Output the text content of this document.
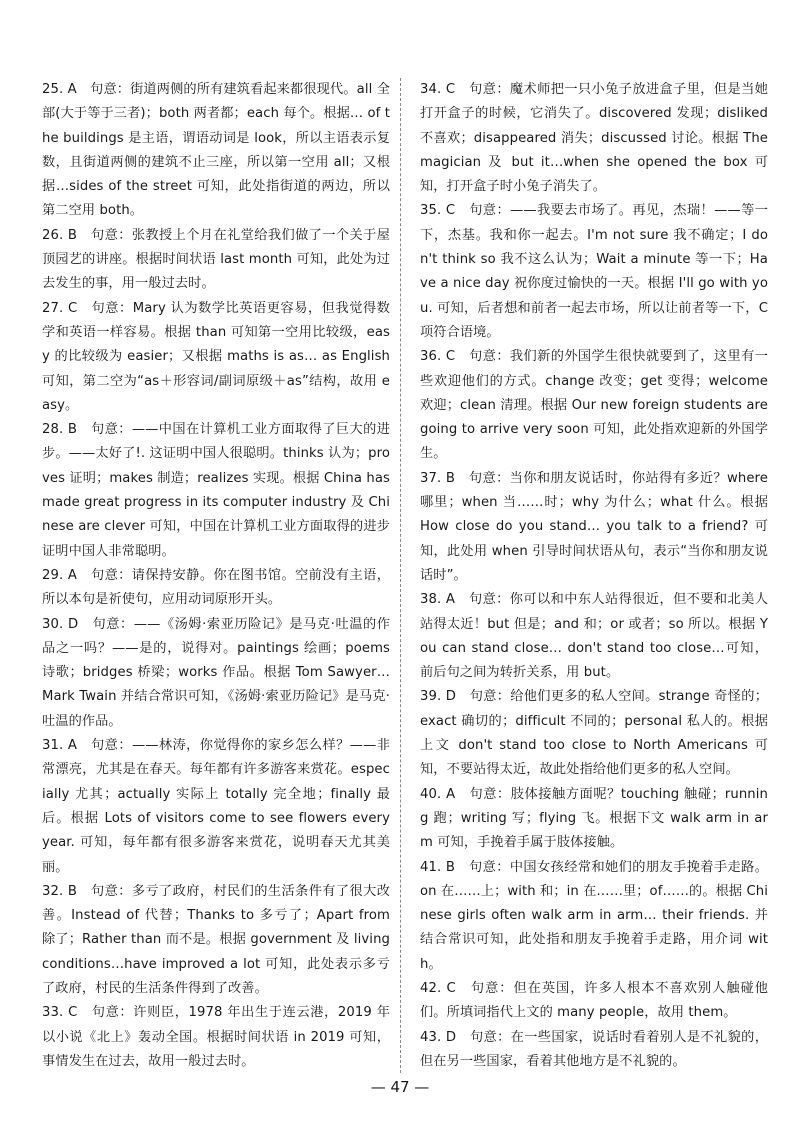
25. A　 句意：街道两侧的所有建筑看起来都很现代。all 全部(大于等于三者)；both 两者都；each 每个。根据… of the buildings 是主语，谓语动词是 look，所以主语表示复数，且街道两侧的建筑不止三座，所以第一空用 all；又根据…sides of the street 可知，此处指街道的两边，所以第二空用 both。

26. B　 句意：张教授上个月在礼堂给我们做了一个关于屋顶园艺的讲座。根据时间状语 last month 可知，此处为过去发生的事，用一般过去时。

27. C　 句意：Mary 认为数学比英语更容易，但我觉得数学和英语一样容易。根据 than 可知第一空用比较级，easy 的比较级为 easier；又根据 maths is as… as English 可知，第二空为“as＋形容词/副词原级＋as”结构，故用 easy。

28. B　 句意：——中国在计算机工业方面取得了巨大的进步。——太好了!. 这证明中国人很聪明。thinks 认为；proves 证明；makes 制造；realizes 实现。根据 China has made great progress in its computer industry 及 Chinese are clever 可知，中国在计算机工业方面取得的进步证明中国人非常聪明。

29. A　 句意：请保持安静。你在图书馆。空前没有主语，所以本句是祈使句，应用动词原形开头。

30. D　 句意：——《汤姆·索亚历险记》是马克·吐温的作品之一吗？——是的，说得对。paintings 绘画；poems 诗歌；bridges 桥梁；works 作品。根据 Tom Sawyer…Mark Twain 并结合常识可知，《汤姆·索亚历险记》是马克·吐温的作品。

31. A　 句意：——林涛，你觉得你的家乡怎么样？——非常漂亮，尤其是在春天。每年都有许多游客来赏花。especially 尤其；actually 实际上 totally 完全地；finally 最后。根据 Lots of visitors come to see flowers every year. 可知，每年都有很多游客来赏花，说明春天尤其美丽。

32. B　 句意：多亏了政府，村民们的生活条件有了很大改善。Instead of 代替；Thanks to 多亏了；Apart from 除了；Rather than 而不是。根据 government 及 living conditions…have improved a lot 可知，此处表示多亏了政府，村民的生活条件得到了改善。

33. C　 句意：许则臣，1978 年出生于连云港，2019 年以小说《北上》轰动全国。根据时间状语 in 2019 可知，事情发生在过去，故用一般过去时。

34. C　 句意：魔术师把一只小兔子放进盒子里，但是当她打开盒子的时候，它消失了。discovered 发现；disliked 不喜欢；disappeared 消失；discussed 讨论。根据 The magician 及 but it…when she opened the box 可知，打开盒子时小兔子消失了。

35. C　 句意：——我要去市场了。再见，杰瑞！——等一下，杰基。我和你一起去。I'm not sure 我不确定；I don't think so 我不这么认为；Wait a minute 等一下；Have a nice day 祝你度过愉快的一天。根据 I'll go with you. 可知，后者想和前者一起去市场，所以让前者等一下，C 项符合语境。

36. C　 句意：我们新的外国学生很快就要到了，这里有一些欢迎他们的方式。change 改变；get 变得；welcome 欢迎；clean 清理。根据 Our new foreign students are going to arrive very soon 可知，此处指欢迎新的外国学生。

37. B　 句意：当你和朋友说话时，你站得有多近？where 哪里；when 当……时；why 为什么；what 什么。根据 How close do you stand… you talk to a friend? 可知，此处用 when 引导时间状语从句，表示“当你和朋友说话时”。

38. A　 句意：你可以和中东人站得很近，但不要和北美人站得太近！but 但是；and 和；or 或者；so 所以。根据 You can stand close… don't stand too close…可知，前后句之间为转折关系，用 but。

39. D　 句意：给他们更多的私人空间。strange 奇怪的；exact 确切的；difficult 不同的；personal 私人的。根据上文 don't stand too close to North Americans 可知，不要站得太近，故此处指给他们更多的私人空间。

40. A　 句意：肢体接触方面呢？touching 触碰；running 跑；writing 写；flying 飞。根据下文 walk arm in arm 可知，手挽着手属于肢体接触。

41. B　 句意：中国女孩经常和她们的朋友手挽着手走路。on 在……上；with 和；in 在……里；of……的。根据 Chinese girls often walk arm in arm… their friends. 并结合常识可知，此处指和朋友手挽着手走路，用介词 with。

42. C　 句意：但在英国，许多人根本不喜欢别人触碰他们。所填词指代上文的 many people，故用 them。

43. D　 句意：在一些国家，说话时看着别人是不礼貌的，但在另一些国家，看着其他地方是不礼貌的。

— 47 —
